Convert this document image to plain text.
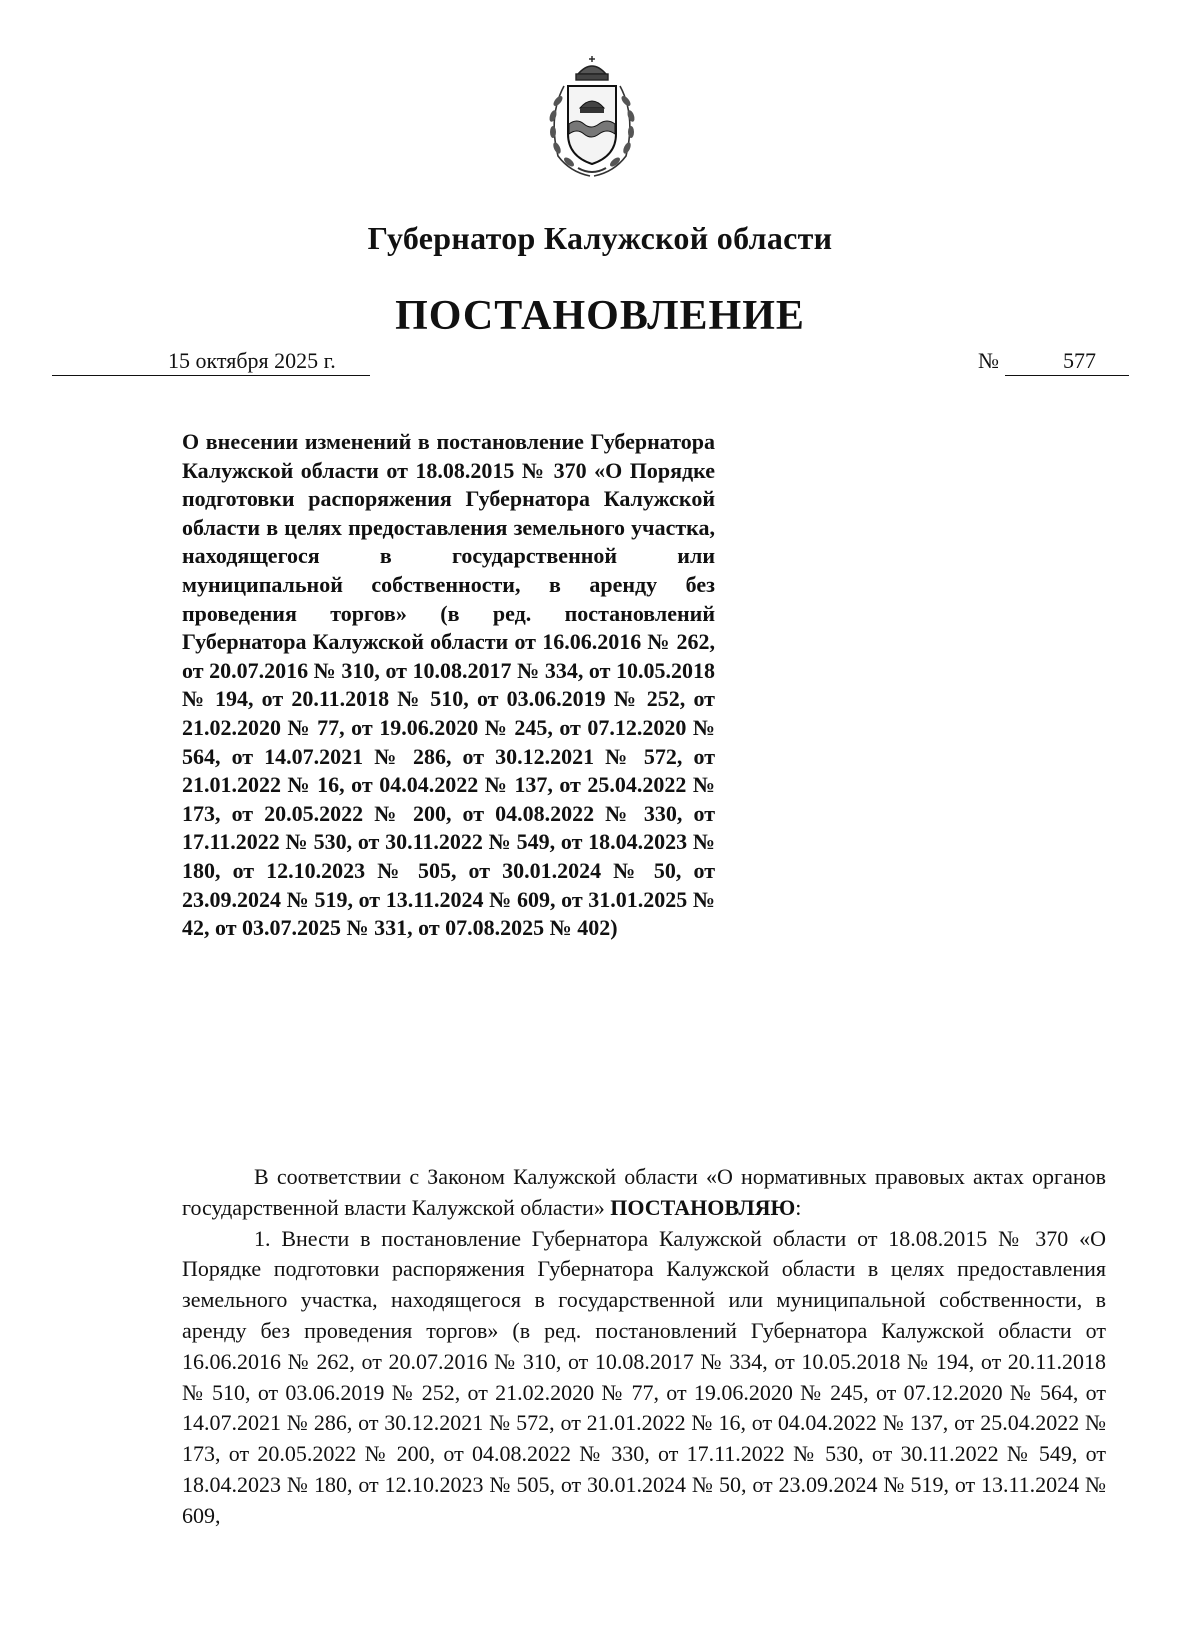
Губернатор Калужской области
ПОСТАНОВЛЕНИЕ
15 октября 2025 г.	№	577
О внесении изменений в постановление Губернатора Калужской области от 18.08.2015 № 370 «О Порядке подготовки распоряжения Губернатора Калужской области в целях предоставления земельного участка, находящегося в государственной или муниципальной собственности, в аренду без проведения торгов» (в ред. постановлений Губернатора Калужской области от 16.06.2016 № 262, от 20.07.2016 № 310, от 10.08.2017 № 334, от 10.05.2018 № 194, от 20.11.2018 № 510, от 03.06.2019 № 252, от 21.02.2020 № 77, от 19.06.2020 № 245, от 07.12.2020 № 564, от 14.07.2021 № 286, от 30.12.2021 № 572, от 21.01.2022 № 16, от 04.04.2022 № 137, от 25.04.2022 № 173, от 20.05.2022 № 200, от 04.08.2022 № 330, от 17.11.2022 № 530, от 30.11.2022 № 549, от 18.04.2023 № 180, от 12.10.2023 № 505, от 30.01.2024 № 50, от 23.09.2024 № 519, от 13.11.2024 № 609, от 31.01.2025 № 42, от 03.07.2025 № 331, от 07.08.2025 № 402)

В соответствии с Законом Калужской области «О нормативных правовых актах органов государственной власти Калужской области» ПОСТАНОВЛЯЮ:

1. Внести в постановление Губернатора Калужской области от 18.08.2015 № 370 «О Порядке подготовки распоряжения Губернатора Калужской области в целях предоставления земельного участка, находящегося в государственной или муниципальной собственности, в аренду без проведения торгов» (в ред. постановлений Губернатора Калужской области от 16.06.2016 № 262, от 20.07.2016 № 310, от 10.08.2017 № 334, от 10.05.2018 № 194, от 20.11.2018 № 510, от 03.06.2019 № 252, от 21.02.2020 № 77, от 19.06.2020 № 245, от 07.12.2020 № 564, от 14.07.2021 № 286, от 30.12.2021 № 572, от 21.01.2022 № 16, от 04.04.2022 № 137, от 25.04.2022 № 173, от 20.05.2022 № 200, от 04.08.2022 № 330, от 17.11.2022 № 530, от 30.11.2022 № 549, от 18.04.2023 № 180, от 12.10.2023 № 505, от 30.01.2024 № 50, от 23.09.2024 № 519, от 13.11.2024 № 609,
